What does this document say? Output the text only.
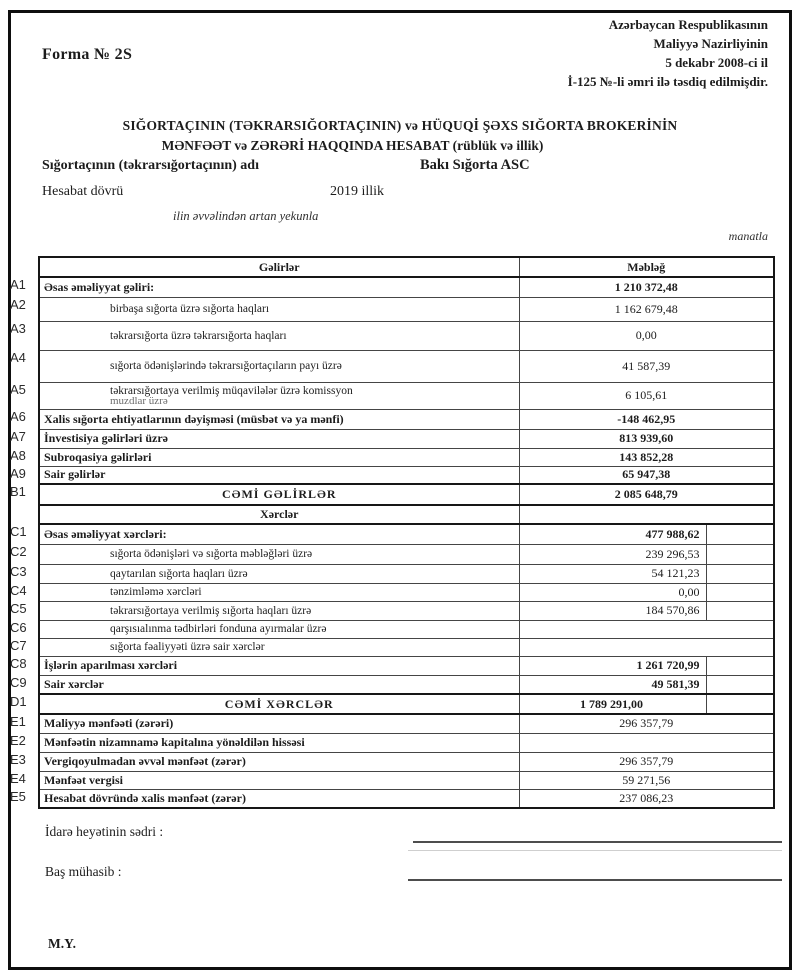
Forma № 2S
Azərbaycan Respublikasının
Maliyyə Nazirliyinin
5 dekabr 2008-ci il
İ-125 №-li əmri ilə təsdiq edilmişdir.
SIĞORTAÇININ (TƏKRARSIĞORTAÇININ) və HÜQUQİ ŞƏXS SIĞORTA BROKERİNİN
MƏNFƏƏT və ZƏRƏRİ HAQQINDA HESABAT (rüblük və illik)
Sığortaçının (təkrarsığortaçının) adı	Bakı Sığorta ASC
Hesabat dövrü	2019 illik
ilin əvvəlindən artan yekunla
manatla
Gəlirlər	Məbləğ	
Əsas əməliyyat gəliri:	1 210 372,48	
birbaşa sığorta üzrə sığorta haqları	1 162 679,48	
təkrarsığorta üzrə təkrarsığorta haqları	0,00	
sığorta ödənişlərində təkrarsığortaçıların payı üzrə	41 587,39	
təkrarsığortaya verilmiş müqavilələr üzrə komissyon
muzdlar üzrə	6 105,61	
Xalis sığorta ehtiyatlarının dəyişməsi (müsbət və ya mənfi)	-148 462,95	
İnvestisiya gəlirləri üzrə	813 939,60	
Subroqasiya gəlirləri	143 852,28	
Sair gəlirlər	65 947,38	
CƏMİ GƏLİRLƏR	2 085 648,79	
Xərclər		
Əsas əməliyyat xərcləri:	477 988,62	
sığorta ödənişləri və sığorta məbləğləri üzrə	239 296,53	
qaytarılan sığorta haqları üzrə	54 121,23	
tənzimləmə xərcləri	0,00	
təkrarsığortaya verilmiş sığorta haqları üzrə	184 570,86	
qarşısıalınma tədbirləri fonduna ayırmalar üzrə		
sığorta fəaliyyəti üzrə sair xərclər		
İşlərin aparılması xərcləri	1 261 720,99	
Sair xərclər	49 581,39	
CƏMİ XƏRCLƏR	1 789 291,00	
Maliyyə mənfəəti (zərəri)	296 357,79	
Mənfəətin nizamnamə kapitalına yönəldilən hissəsi		
Vergiqoyulmadan əvvəl mənfəət (zərər)	296 357,79	
Mənfəət vergisi	59 271,56	
Hesabat dövründə xalis mənfəət (zərər)	237 086,23	
A1
A2
A3
A4
A5
A6
A7
A8
A9
B1
C1
C2
C3
C4
C5
C6
C7
C8
C9
D1
E1
E2
E3
E4
E5
İdarə heyətinin sədri :
Baş mühasib :
M.Y.
